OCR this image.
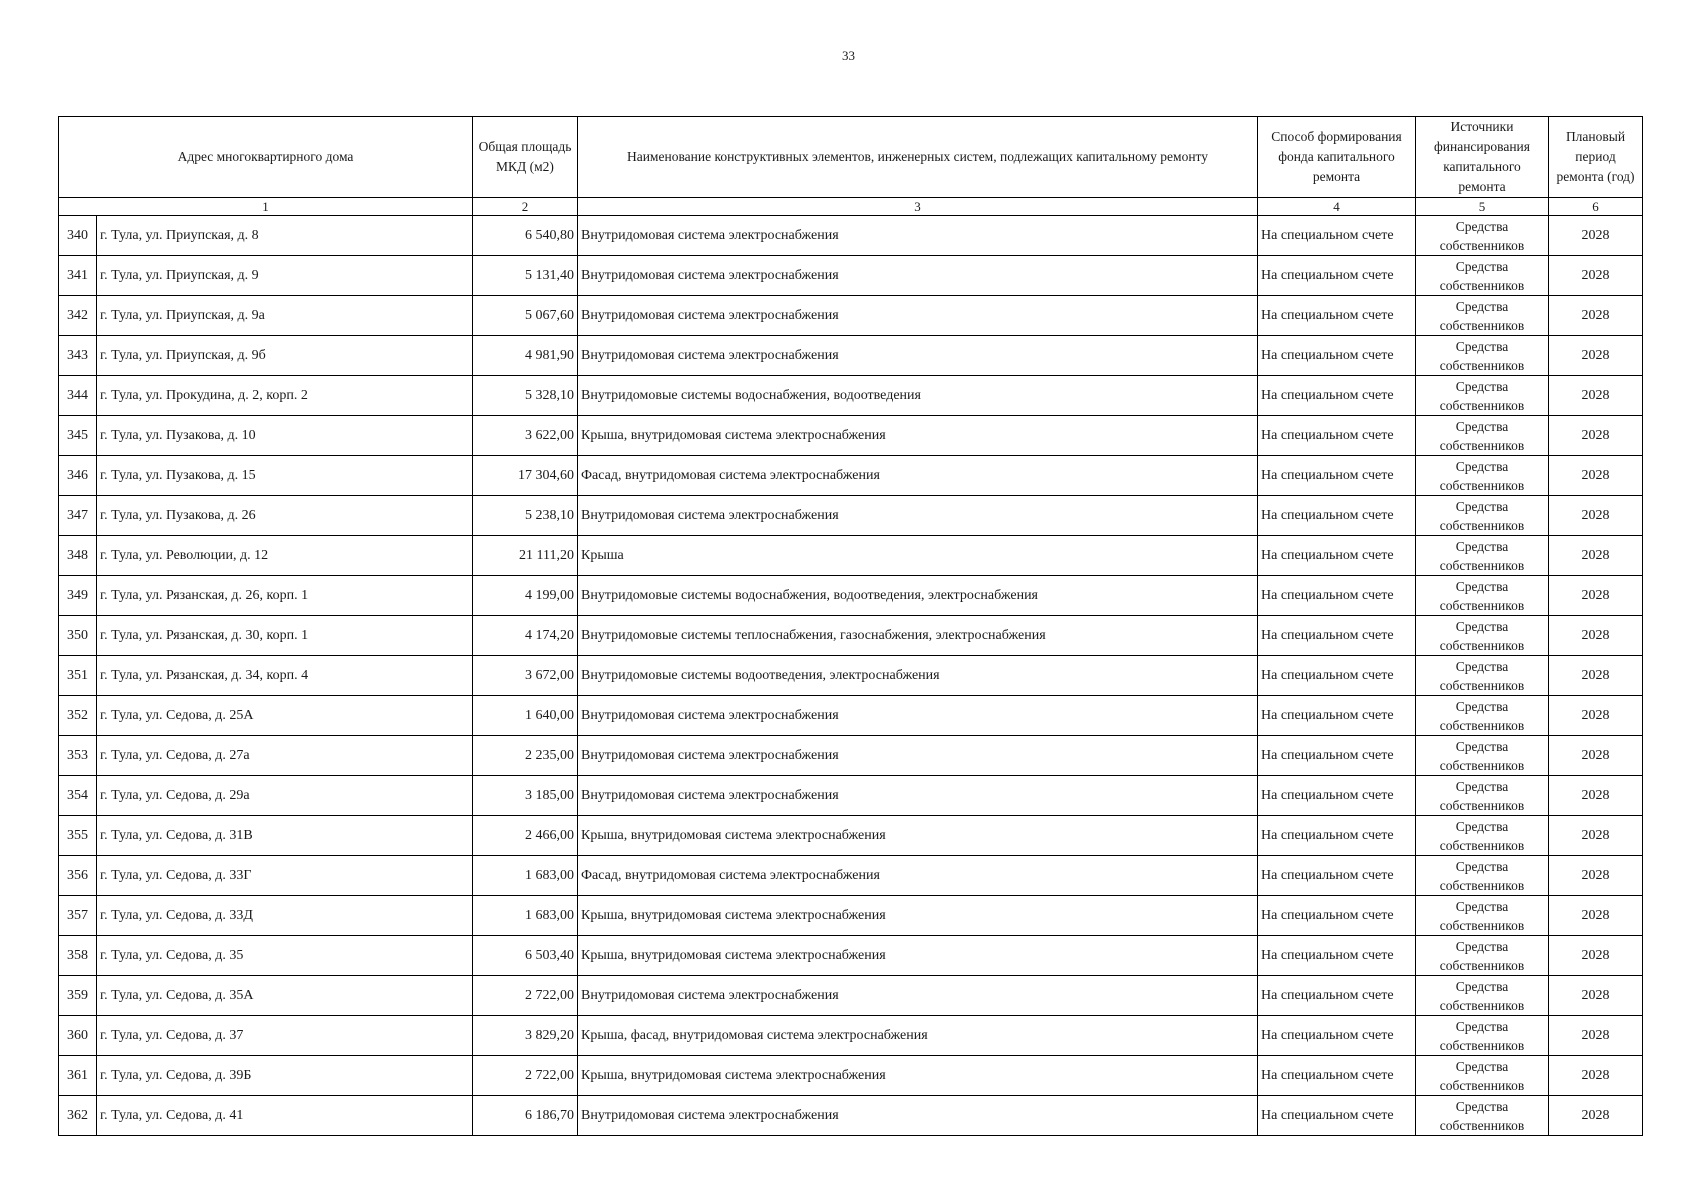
33
Адрес многоквартирного дома		Общая площадь МКД (м2)	Наименование конструктивных элементов, инженерных систем, подлежащих капитальному ремонту	Способ формирования фонда капитального ремонта	Источники финансирования капитального ремонта	Плановый период ремонта (год)
1		2	3	4	5	6
340	г. Тула, ул. Приупская, д. 8	6 540,80	Внутридомовая система электроснабжения	На специальном счете	Средства собственников	2028
341	г. Тула, ул. Приупская, д. 9	5 131,40	Внутридомовая система электроснабжения	На специальном счете	Средства собственников	2028
342	г. Тула, ул. Приупская, д. 9а	5 067,60	Внутридомовая система электроснабжения	На специальном счете	Средства собственников	2028
343	г. Тула, ул. Приупская, д. 9б	4 981,90	Внутридомовая система электроснабжения	На специальном счете	Средства собственников	2028
344	г. Тула, ул. Прокудина, д. 2, корп. 2	5 328,10	Внутридомовые системы водоснабжения, водоотведения	На специальном счете	Средства собственников	2028
345	г. Тула, ул. Пузакова, д. 10	3 622,00	Крыша, внутридомовая система электроснабжения	На специальном счете	Средства собственников	2028
346	г. Тула, ул. Пузакова, д. 15	17 304,60	Фасад, внутридомовая система электроснабжения	На специальном счете	Средства собственников	2028
347	г. Тула, ул. Пузакова, д. 26	5 238,10	Внутридомовая система электроснабжения	На специальном счете	Средства собственников	2028
348	г. Тула, ул. Революции, д. 12	21 111,20	Крыша	На специальном счете	Средства собственников	2028
349	г. Тула, ул. Рязанская, д. 26, корп. 1	4 199,00	Внутридомовые системы водоснабжения, водоотведения, электроснабжения	На специальном счете	Средства собственников	2028
350	г. Тула, ул. Рязанская, д. 30, корп. 1	4 174,20	Внутридомовые системы теплоснабжения, газоснабжения, электроснабжения	На специальном счете	Средства собственников	2028
351	г. Тула, ул. Рязанская, д. 34, корп. 4	3 672,00	Внутридомовые системы водоотведения, электроснабжения	На специальном счете	Средства собственников	2028
352	г. Тула, ул. Седова, д. 25А	1 640,00	Внутридомовая система электроснабжения	На специальном счете	Средства собственников	2028
353	г. Тула, ул. Седова, д. 27а	2 235,00	Внутридомовая система электроснабжения	На специальном счете	Средства собственников	2028
354	г. Тула, ул. Седова, д. 29а	3 185,00	Внутридомовая система электроснабжения	На специальном счете	Средства собственников	2028
355	г. Тула, ул. Седова, д. 31В	2 466,00	Крыша, внутридомовая система электроснабжения	На специальном счете	Средства собственников	2028
356	г. Тула, ул. Седова, д. 33Г	1 683,00	Фасад, внутридомовая система электроснабжения	На специальном счете	Средства собственников	2028
357	г. Тула, ул. Седова, д. 33Д	1 683,00	Крыша, внутридомовая система электроснабжения	На специальном счете	Средства собственников	2028
358	г. Тула, ул. Седова, д. 35	6 503,40	Крыша, внутридомовая система электроснабжения	На специальном счете	Средства собственников	2028
359	г. Тула, ул. Седова, д. 35А	2 722,00	Внутридомовая система электроснабжения	На специальном счете	Средства собственников	2028
360	г. Тула, ул. Седова, д. 37	3 829,20	Крыша, фасад, внутридомовая система электроснабжения	На специальном счете	Средства собственников	2028
361	г. Тула, ул. Седова, д. 39Б	2 722,00	Крыша, внутридомовая система электроснабжения	На специальном счете	Средства собственников	2028
362	г. Тула, ул. Седова, д. 41	6 186,70	Внутридомовая система электроснабжения	На специальном счете	Средства собственников	2028
